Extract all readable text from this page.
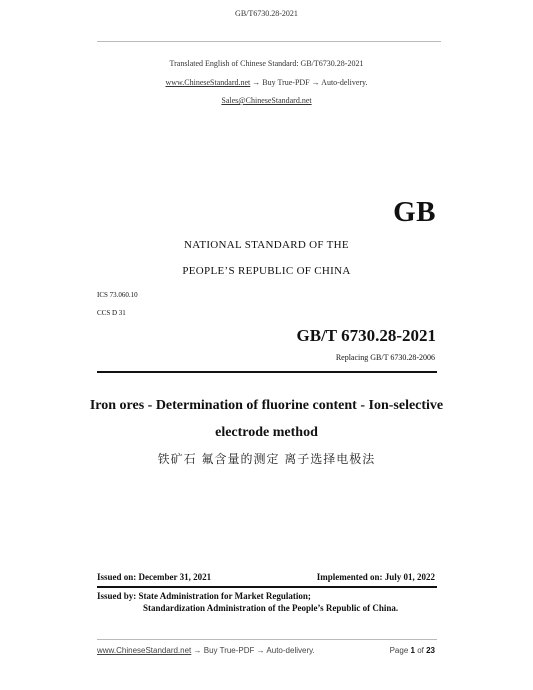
GB/T6730.28-2021
Translated English of Chinese Standard: GB/T6730.28-2021
www.ChineseStandard.net → Buy True-PDF → Auto-delivery.
Sales@ChineseStandard.net
GB
NATIONAL STANDARD OF THE
PEOPLE’S REPUBLIC OF CHINA
ICS 73.060.10
CCS D 31
GB/T 6730.28-2021
Replacing GB/T 6730.28-2006
Iron ores - Determination of fluorine content - Ion-selective
electrode method
铁矿石 氟含量的测定 离子选择电极法
Issued on: December 31, 2021	Implemented on: July 01, 2022
Issued by: State Administration for Market Regulation;
Standardization Administration of the People’s Republic of China.
www.ChineseStandard.net → Buy True-PDF → Auto-delivery.	Page 1 of 23
